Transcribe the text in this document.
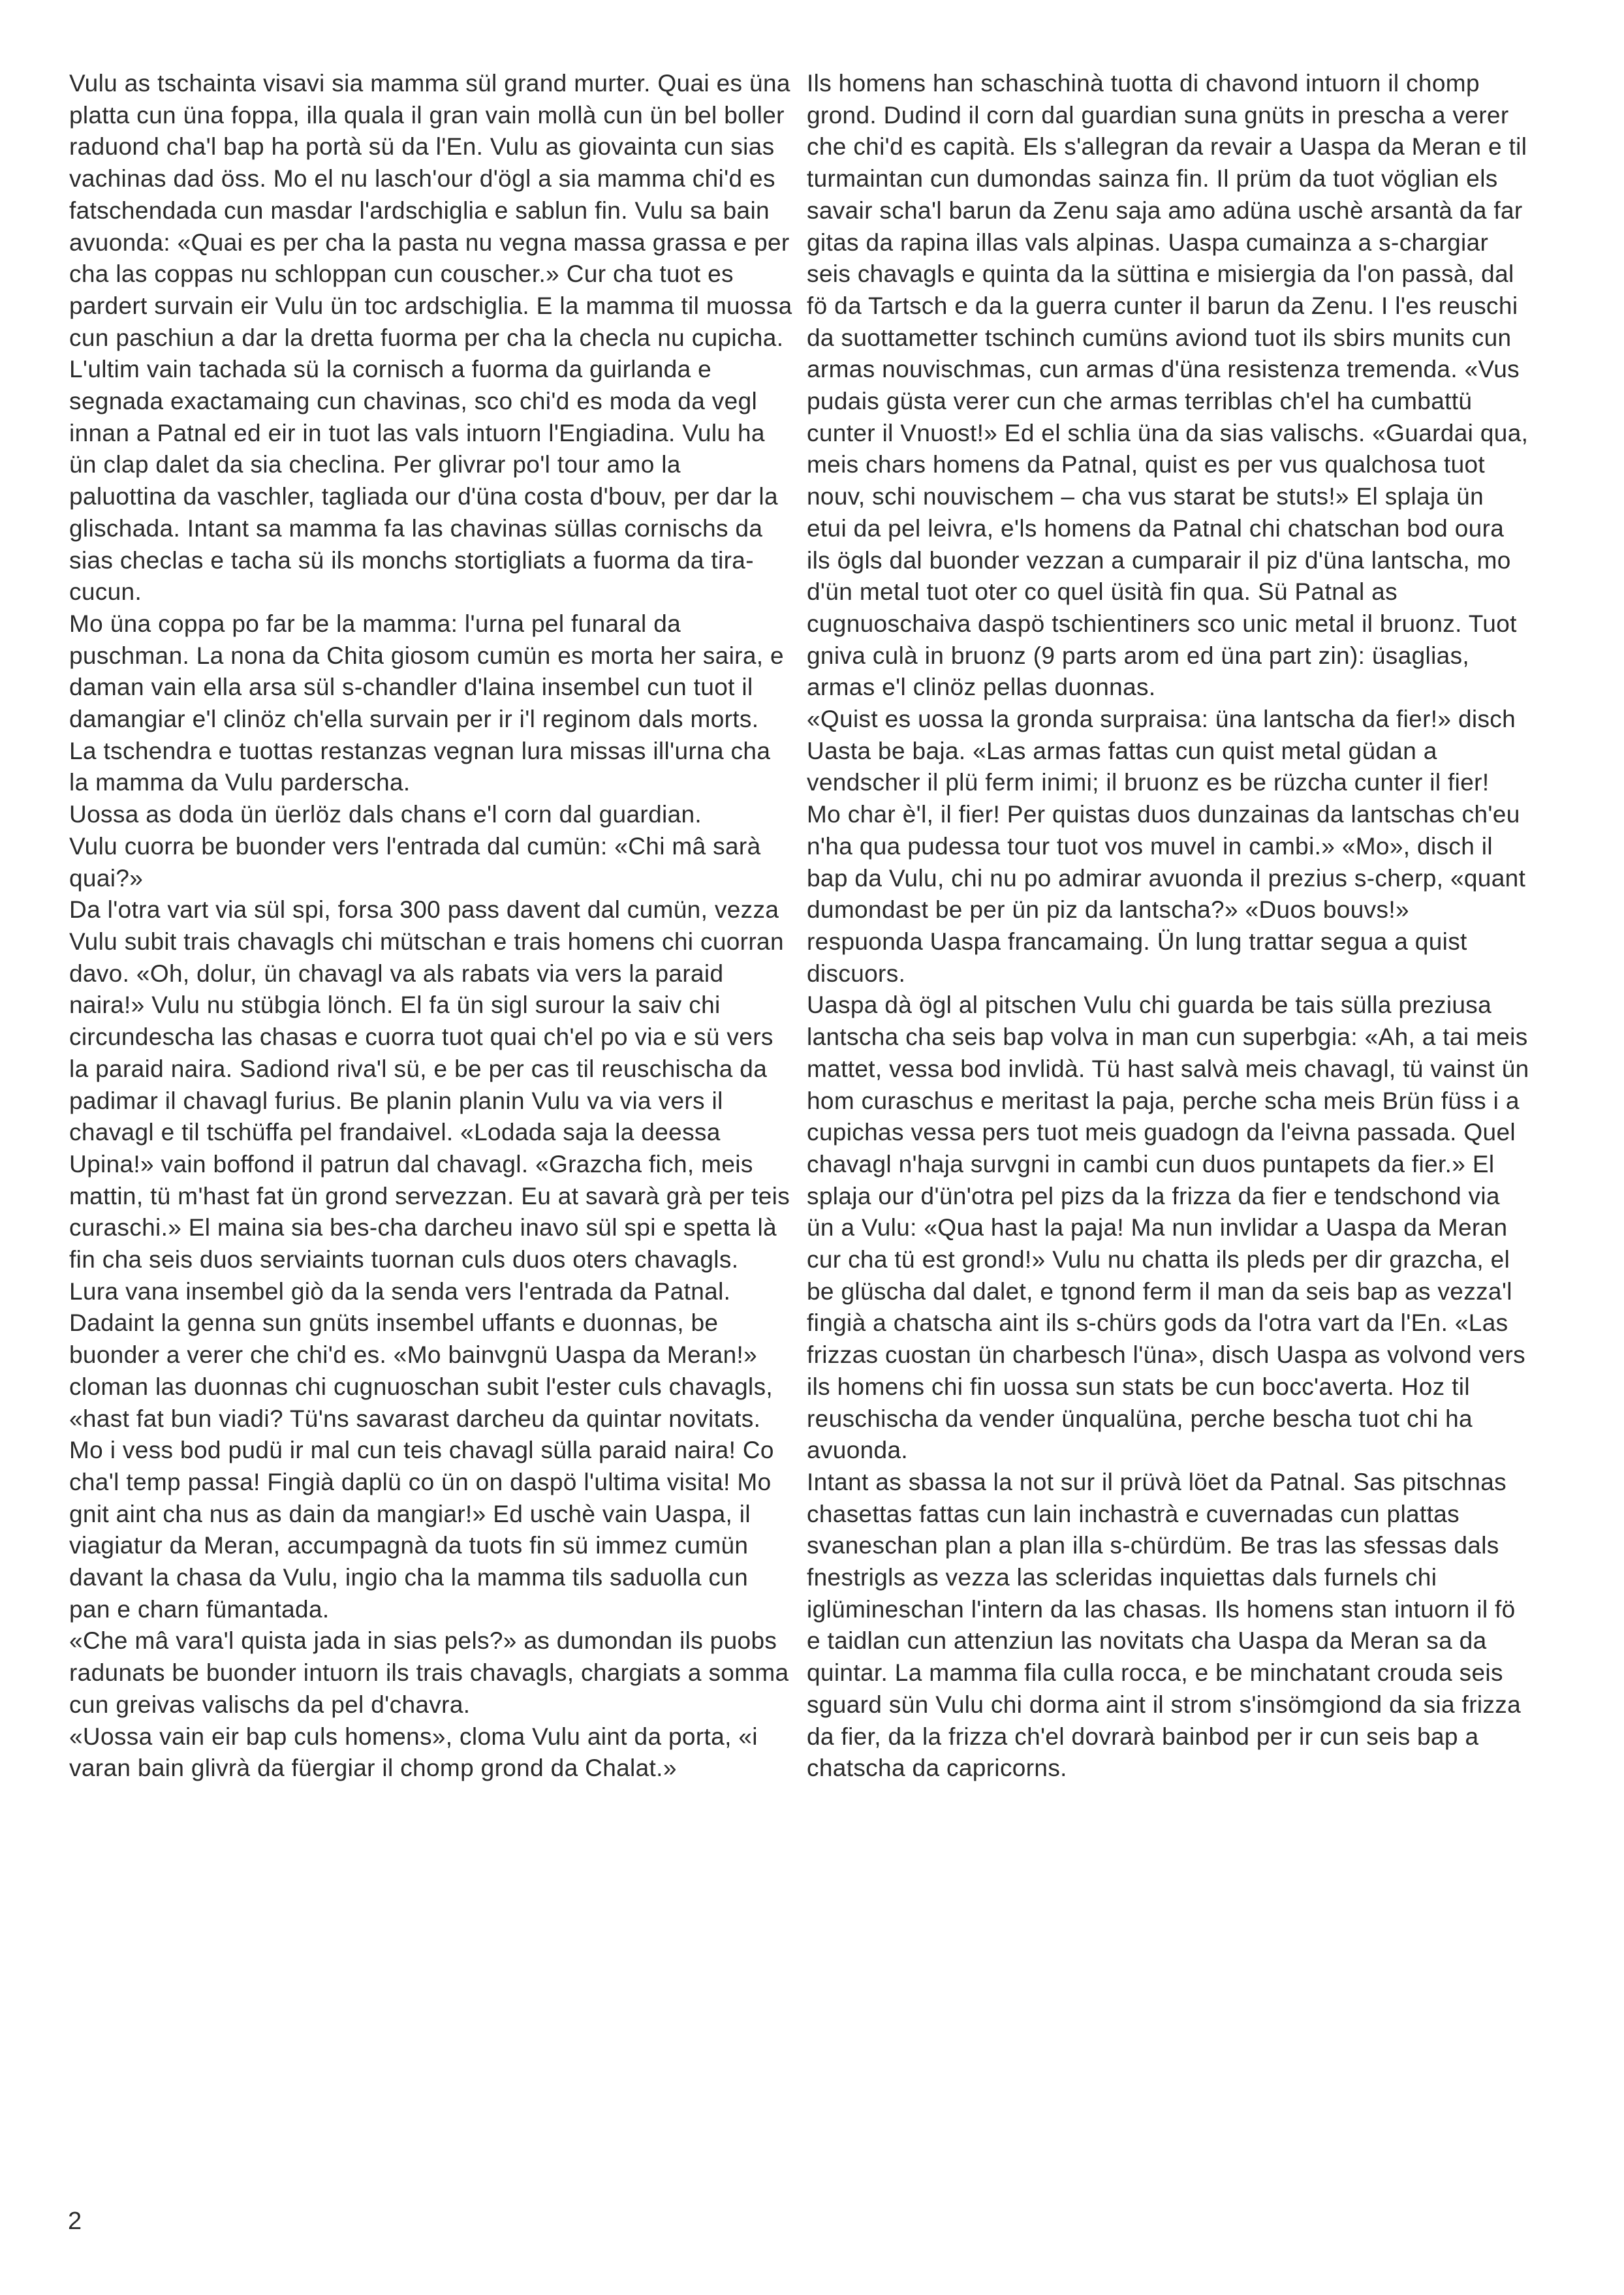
Vulu as tschainta visavi sia mamma sül grand murter. Quai es üna platta cun üna foppa, illa quala il gran vain mollà cun ün bel boller raduond cha'l bap ha portà sü da l'En. Vulu as giovainta cun sias vachinas dad öss. Mo el nu lasch'our d'ögl a sia mamma chi'd es fatschendada cun masdar l'ardschiglia e sablun fin. Vulu sa bain avuonda: «Quai es per cha la pasta nu vegna massa grassa e per cha las coppas nu schloppan cun couscher.» Cur cha tuot es pardert survain eir Vulu ün toc ardschiglia. E la mamma til muossa cun paschiun a dar la dretta fuorma per cha la checla nu cupicha. L'ultim vain tachada sü la cornisch a fuorma da guirlanda e segnada exactamaing cun chavinas, sco chi'd es moda da vegl innan a Patnal ed eir in tuot las vals intuorn l'Engiadina. Vulu ha ün clap dalet da sia checlina. Per glivrar po'l tour amo la paluottina da vaschler, tagliada our d'üna costa d'bouv, per dar la glischada. Intant sa mamma fa las chavinas süllas cornischs da sias checlas e tacha sü ils monchs stortigliats a fuorma da tira-cucun.

Mo üna coppa po far be la mamma: l'urna pel funaral da puschman. La nona da Chita giosom cumün es morta her saira, e daman vain ella arsa sül s-chandler d'laina insembel cun tuot il damangiar e'l clinöz ch'ella survain per ir i'l reginom dals morts. La tschendra e tuottas restanzas vegnan lura missas ill'urna cha la mamma da Vulu parderscha.

Uossa as doda ün üerlöz dals chans e'l corn dal guardian.

Vulu cuorra be buonder vers l'entrada dal cumün: «Chi mâ sarà quai?»

Da l'otra vart via sül spi, forsa 300 pass davent dal cumün, vezza Vulu subit trais chavagls chi mütschan e trais homens chi cuorran davo. «Oh, dolur, ün chavagl va als rabats via vers la paraid naira!» Vulu nu stübgia lönch. El fa ün sigl surour la saiv chi circundescha las chasas e cuorra tuot quai ch'el po via e sü vers la paraid naira. Sadiond riva'l sü, e be per cas til reuschischa da padimar il chavagl furius. Be planin planin Vulu va via vers il chavagl e til tschüffa pel frandaivel. «Lodada saja la deessa Upina!» vain boffond il patrun dal chavagl. «Grazcha fich, meis mattin, tü m'hast fat ün grond servezzan. Eu at savarà grà per teis curaschi.» El maina sia bes-cha darcheu inavo sül spi e spetta là fin cha seis duos serviaints tuornan culs duos oters chavagls. Lura vana insembel giò da la senda vers l'entrada da Patnal.

Dadaint la genna sun gnüts insembel uffants e duonnas, be buonder a verer che chi'd es. «Mo bainvgnü Uaspa da Meran!» cloman las duonnas chi cugnuoschan subit l'ester culs chavagls, «hast fat bun viadi? Tü'ns savarast darcheu da quintar novitats. Mo i vess bod pudü ir mal cun teis chavagl sülla paraid naira! Co cha'l temp passa! Fingià daplü co ün on daspö l'ultima visita! Mo gnit aint cha nus as dain da mangiar!» Ed uschè vain Uaspa, il viagiatur da Meran, accumpagnà da tuots fin sü immez cumün davant la chasa da Vulu, ingio cha la mamma tils saduolla cun pan e charn fümantada.

«Che mâ vara'l quista jada in sias pels?» as dumondan ils puobs radunats be buonder intuorn ils trais chavagls, chargiats a somma cun greivas valischs da pel d'chavra.

«Uossa vain eir bap culs homens», cloma Vulu aint da porta, «i varan bain glivrà da füergiar il chomp grond da Chalat.»

Ils homens han schaschinà tuotta di chavond intuorn il chomp grond. Dudind il corn dal guardian suna gnüts in prescha a verer che chi'd es capità. Els s'allegran da revair a Uaspa da Meran e til turmaintan cun dumondas sainza fin. Il prüm da tuot vöglian els savair scha'l barun da Zenu saja amo adüna uschè arsantà da far gitas da rapina illas vals alpinas. Uaspa cumainza a s-chargiar seis chavagls e quinta da la süttina e misiergia da l'on passà, dal fö da Tartsch e da la guerra cunter il barun da Zenu. I l'es reuschi da suottametter tschinch cumüns aviond tuot ils sbirs munits cun armas nouvischmas, cun armas d'üna resistenza tremenda. «Vus pudais güsta verer cun che armas terriblas ch'el ha cumbattü cunter il Vnuost!» Ed el schlia üna da sias valischs. «Guardai qua, meis chars homens da Patnal, quist es per vus qualchosa tuot nouv, schi nouvischem – cha vus starat be stuts!» El splaja ün etui da pel leivra, e'ls homens da Patnal chi chatschan bod oura ils ögls dal buonder vezzan a cumparair il piz d'üna lantscha, mo d'ün metal tuot oter co quel üsità fin qua. Sü Patnal as cugnuoschaiva daspö tschientiners sco unic metal il bruonz. Tuot gniva culà in bruonz (9 parts arom ed üna part zin): üsaglias, armas e'l clinöz pellas duonnas.

«Quist es uossa la gronda surpraisa: üna lantscha da fier!» disch Uasta be baja. «Las armas fattas cun quist metal güdan a vendscher il plü ferm inimi; il bruonz es be rüzcha cunter il fier! Mo char è'l, il fier! Per quistas duos dunzainas da lantschas ch'eu n'ha qua pudessa tour tuot vos muvel in cambi.» «Mo», disch il bap da Vulu, chi nu po admirar avuonda il prezius s-cherp, «quant dumondast be per ün piz da lantscha?» «Duos bouvs!» respuonda Uaspa francamaing. Ün lung trattar segua a quist discuors.

Uaspa dà ögl al pitschen Vulu chi guarda be tais sülla preziusa lantscha cha seis bap volva in man cun superbgia: «Ah, a tai meis mattet, vessa bod invlidà. Tü hast salvà meis chavagl, tü vainst ün hom curaschus e meritast la paja, perche scha meis Brün füss i a cupichas vessa pers tuot meis guadogn da l'eivna passada. Quel chavagl n'haja survgni in cambi cun duos puntapets da fier.» El splaja our d'ün'otra pel pizs da la frizza da fier e tendschond via ün a Vulu: «Qua hast la paja! Ma nun invlidar a Uaspa da Meran cur cha tü est grond!» Vulu nu chatta ils pleds per dir grazcha, el be glüscha dal dalet, e tgnond ferm il man da seis bap as vezza'l fingià a chatscha aint ils s-chürs gods da l'otra vart da l'En. «Las frizzas cuostan ün charbesch l'üna», disch Uaspa as volvond vers ils homens chi fin uossa sun stats be cun bocc'averta. Hoz til reuschischa da vender ünqualüna, perche bescha tuot chi ha avuonda.

Intant as sbassa la not sur il prüvà löet da Patnal. Sas pitschnas chasettas fattas cun lain inchastrà e cuvernadas cun plattas svaneschan plan a plan illa s-chürdüm. Be tras las sfessas dals fnestrigls as vezza las scleridas inquiettas dals furnels chi iglümineschan l'intern da las chasas. Ils homens stan intuorn il fö e taidlan cun attenziun las novitats cha Uaspa da Meran sa da quintar. La mamma fila culla rocca, e be minchatant crouda seis sguard sün Vulu chi dorma aint il strom s'insömgiond da sia frizza da fier, da la frizza ch'el dovrarà bainbod per ir cun seis bap a chatscha da capricorns.

2
